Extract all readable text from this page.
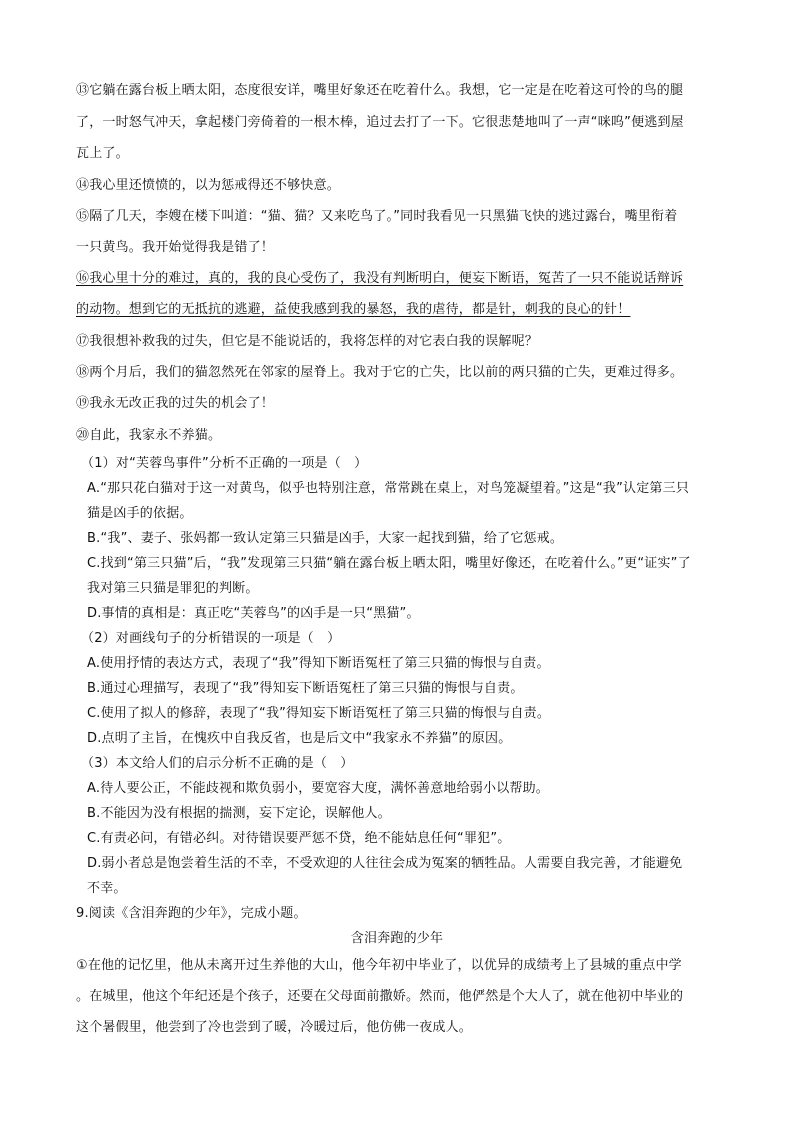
⑬它躺在露台板上晒太阳，态度很安详，嘴里好象还在吃着什么。我想，它一定是在吃着这可怜的鸟的腿
了，一时怒气冲天，拿起楼门旁倚着的一根木棒，追过去打了一下。它很悲楚地叫了一声“咪呜”便逃到屋
瓦上了。
⑭我心里还愤愤的，以为惩戒得还不够快意。
⑮隔了几天，李嫂在楼下叫道：“猫、猫？又来吃鸟了。”同时我看见一只黑猫飞快的逃过露台，嘴里衔着
一只黄鸟。我开始觉得我是错了！
⑯我心里十分的难过，真的，我的良心受伤了，我没有判断明白，便妄下断语，冤苦了一只不能说话辩诉
的动物。想到它的无抵抗的逃避，益使我感到我的暴怒，我的虐待，都是针，刺我的良心的针！
⑰我很想补救我的过失，但它是不能说话的，我将怎样的对它表白我的误解呢？
⑱两个月后，我们的猫忽然死在邻家的屋脊上。我对于它的亡失，比以前的两只猫的亡失，更难过得多。
⑲我永无改正我的过失的机会了！
⑳自此，我家永不养猫。
（1）对“芙蓉鸟事件”分析不正确的一项是（　）
A.“那只花白猫对于这一对黄鸟，似乎也特别注意，常常跳在桌上，对鸟笼凝望着。”这是“我”认定第三只
猫是凶手的依据。
B.“我”、妻子、张妈都一致认定第三只猫是凶手，大家一起找到猫，给了它惩戒。
C.找到“第三只猫”后，“我”发现第三只猫“躺在露台板上晒太阳，嘴里好像还，在吃着什么。”更“证实”了
我对第三只猫是罪犯的判断。
D.事情的真相是：真正吃“芙蓉鸟”的凶手是一只“黑猫”。
（2）对画线句子的分析错误的一项是（　）
A.使用抒情的表达方式，表现了“我”得知下断语冤枉了第三只猫的悔恨与自责。
B.通过心理描写，表现了“我”得知妄下断语冤枉了第三只猫的悔恨与自责。
C.使用了拟人的修辞，表现了“我”得知妄下断语冤枉了第三只猫的悔恨与自责。
D.点明了主旨，在愧疚中自我反省，也是后文中“我家永不养猫”的原因。
（3）本文给人们的启示分析不正确的是（　）
A.待人要公正，不能歧视和欺负弱小，要宽容大度，满怀善意地给弱小以帮助。
B.不能因为没有根据的揣测，妄下定论，误解他人。
C.有责必问，有错必纠。对待错误要严惩不贷，绝不能姑息任何“罪犯”。
D.弱小者总是饱尝着生活的不幸，不受欢迎的人往往会成为冤案的牺牲品。人需要自我完善，才能避免
不幸。
9.阅读《含泪奔跑的少年》，完成小题。
含泪奔跑的少年
①在他的记忆里，他从未离开过生养他的大山，他今年初中毕业了，以优异的成绩考上了县城的重点中学
。在城里，他这个年纪还是个孩子，还要在父母面前撒娇。然而，他俨然是个大人了，就在他初中毕业的
这个暑假里，他尝到了冷也尝到了暖，冷暖过后，他仿佛一夜成人。
